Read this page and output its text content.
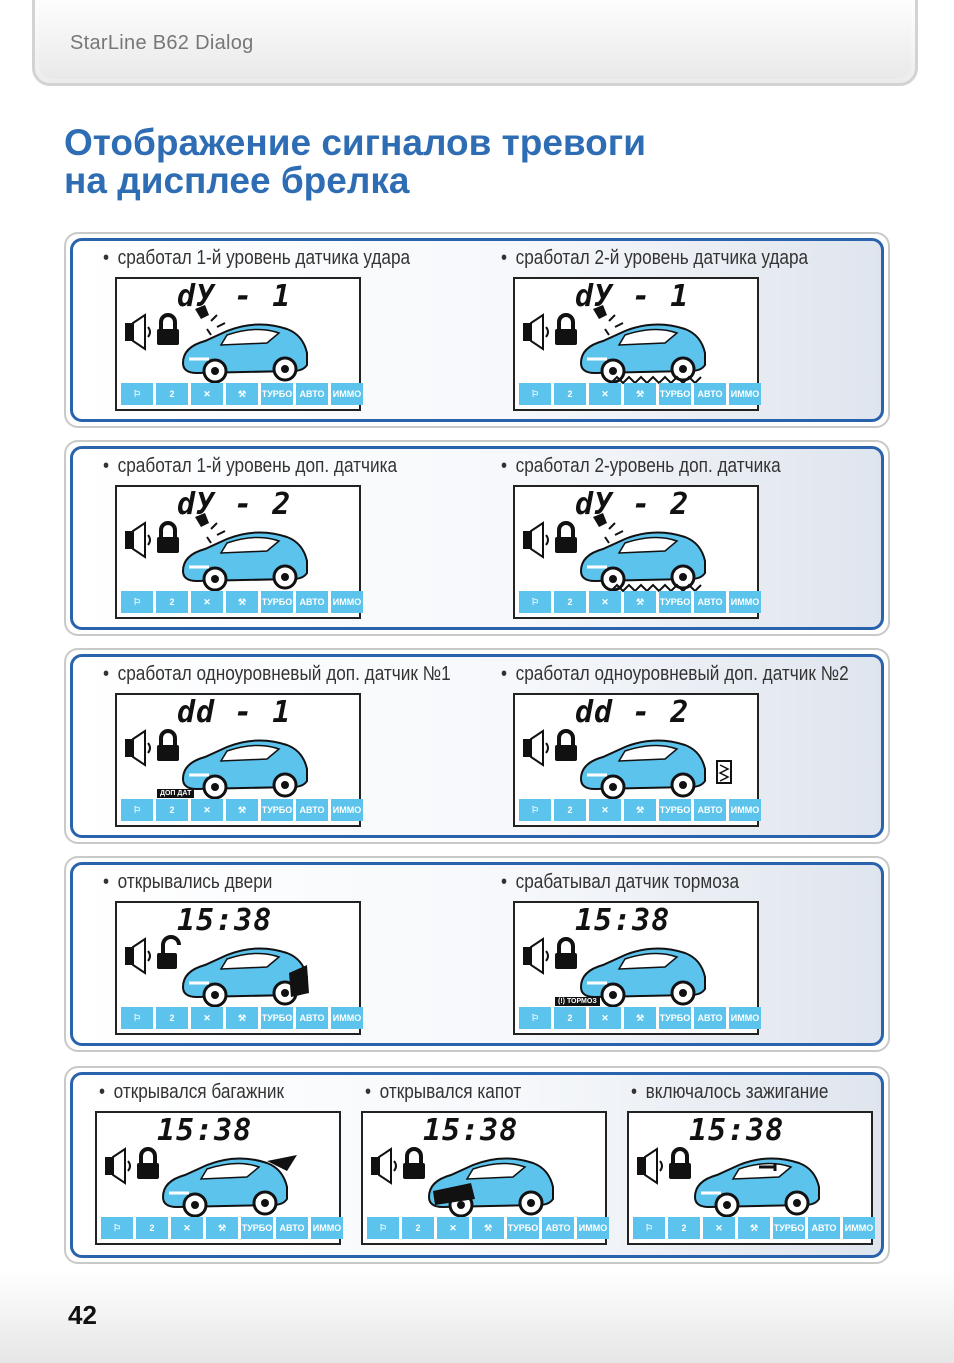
StarLine B62 Dialog
Отображение сигналов тревоги
на дисплее брелка
• сработал 1-й уровень датчика удара
dУ - 1
⚐	2	✕	⚒	ТУРБО АВТО ИММО
• сработал 2-й уровень датчика удара
dУ - 1
⚐	2	✕	⚒	ТУРБО АВТО ИММО
• сработал 1-й уровень доп. датчика
dУ - 2
⚐	2	✕	⚒	ТУРБО АВТО ИММО
• сработал 2-уровень доп. датчика
dУ - 2
⚐	2	✕	⚒	ТУРБО АВТО ИММО
• сработал одноуровневый доп. датчик №1
dd - 1
ДОП ДАТ
⚐	2	✕	⚒	ТУРБО АВТО ИММО
• сработал одноуровневый доп. датчик №2
dd - 2
⚐	2	✕	⚒	ТУРБО АВТО ИММО
• открывались двери
15:38
⚐	2	✕	⚒	ТУРБО АВТО ИММО
• срабатывал датчик тормоза
15:38
(!) ТОРМОЗ
⚐	2	✕	⚒	ТУРБО АВТО ИММО
• открывался багажник
15:38
⚐	2	✕	⚒	ТУРБО АВТО ИММО
• открывался капот
15:38
⚐	2	✕	⚒	ТУРБО АВТО ИММО
• включалось зажигание
15:38
⚐	2	✕	⚒	ТУРБО АВТО ИММО
42
